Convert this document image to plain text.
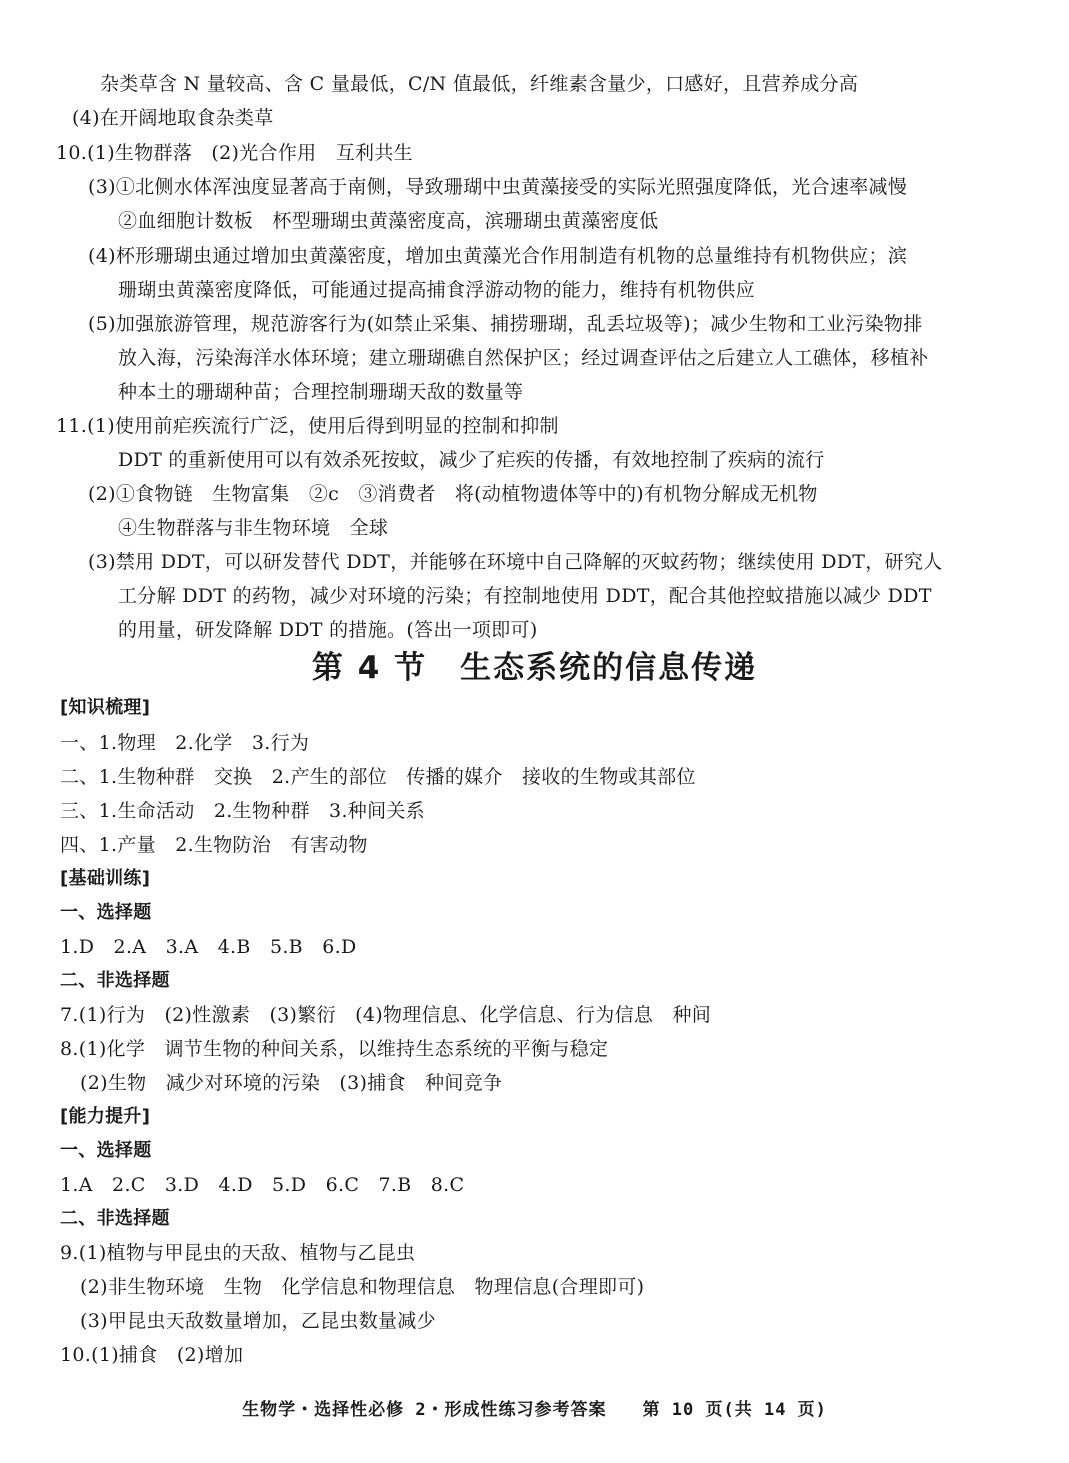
杂类草含 N 量较高、含 C 量最低，C/N 值最低，纤维素含量少，口感好，且营养成分高
(4)在开阔地取食杂类草
10.(1)生物群落　(2)光合作用　互利共生
(3)①北侧水体浑浊度显著高于南侧，导致珊瑚中虫黄藻接受的实际光照强度降低，光合速率减慢
②血细胞计数板　杯型珊瑚虫黄藻密度高，滨珊瑚虫黄藻密度低
(4)杯形珊瑚虫通过增加虫黄藻密度，增加虫黄藻光合作用制造有机物的总量维持有机物供应；滨
珊瑚虫黄藻密度降低，可能通过提高捕食浮游动物的能力，维持有机物供应
(5)加强旅游管理，规范游客行为(如禁止采集、捕捞珊瑚，乱丢垃圾等)；减少生物和工业污染物排
放入海，污染海洋水体环境；建立珊瑚礁自然保护区；经过调查评估之后建立人工礁体，移植补
种本土的珊瑚种苗；合理控制珊瑚天敌的数量等
11.(1)使用前疟疾流行广泛，使用后得到明显的控制和抑制
DDT 的重新使用可以有效杀死按蚊，减少了疟疾的传播，有效地控制了疾病的流行
(2)①食物链　生物富集　②c　③消费者　将(动植物遗体等中的)有机物分解成无机物
④生物群落与非生物环境　全球
(3)禁用 DDT，可以研发替代 DDT，并能够在环境中自己降解的灭蚊药物；继续使用 DDT，研究人
工分解 DDT 的药物，减少对环境的污染；有控制地使用 DDT，配合其他控蚊措施以减少 DDT
的用量，研发降解 DDT 的措施。(答出一项即可)
[知识梳理]
一、1.物理　2.化学　3.行为
二、1.生物种群　交换　2.产生的部位　传播的媒介　接收的生物或其部位
三、1.生命活动　2.生物种群　3.种间关系
四、1.产量　2.生物防治　有害动物
[基础训练]
一、选择题
1.D　2.A　3.A　4.B　5.B　6.D
二、非选择题
7.(1)行为　(2)性激素　(3)繁衍　(4)物理信息、化学信息、行为信息　种间
8.(1)化学　调节生物的种间关系，以维持生态系统的平衡与稳定
(2)生物　减少对环境的污染　(3)捕食　种间竞争
[能力提升]
一、选择题
1.A　2.C　3.D　4.D　5.D　6.C　7.B　8.C
二、非选择题
9.(1)植物与甲昆虫的天敌、植物与乙昆虫
(2)非生物环境　生物　化学信息和物理信息　物理信息(合理即可)
(3)甲昆虫天敌数量增加，乙昆虫数量减少
10.(1)捕食　(2)增加
第 4 节　生态系统的信息传递
生物学・选择性必修 2・形成性练习参考答案　　第 10 页(共 14 页)
